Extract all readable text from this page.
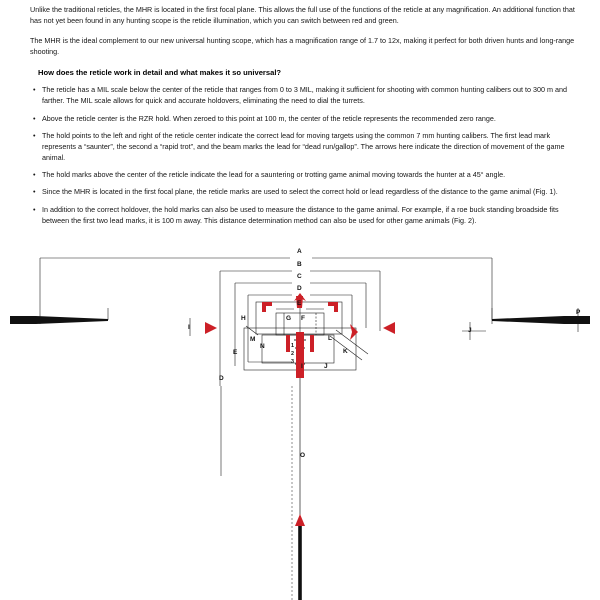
Unlike the traditional reticles, the MHR is located in the first focal plane. This allows the full use of the functions of the reticle at any magnification. An additional function that has not yet been found in any hunting scope is the reticle illumination, which you can switch between red and green.

The MHR is the ideal complement to our new universal hunting scope, which has a magnification range of 1.7 to 12x, making it perfect for both driven hunts and long-range shooting.

How does the reticle work in detail and what makes it so universal?
• The reticle has a MIL scale below the center of the reticle that ranges from 0 to 3 MIL, making it sufficient for shooting with common hunting calibers out to 300 m and farther. The MIL scale allows for quick and accurate holdovers, eliminating the need to dial the turrets.
• Above the reticle center is the RZR hold. When zeroed to this point at 100 m, the center of the reticle represents the recommended zero range.
• The hold points to the left and right of the reticle center indicate the correct lead for moving targets using the common 7 mm hunting calibers. The first lead mark represents a “saunter”, the second a “rapid trot”, and the beam marks the lead for “dead run/gallop”. The arrows here indicate the direction of movement of the game animal.
• The hold marks above the center of the reticle indicate the lead for a sauntering or trotting game animal moving towards the hunter at a 45° angle.
• Since the MHR is located in the first focal plane, the reticle marks are used to select the correct hold or lead regardless of the distance to the game animal (Fig. 1).
• In addition to the correct holdover, the hold marks can also be used to measure the distance to the game animal. For example, if a roe buck standing broadside fits between the first two lead marks, it is 100 m away. This distance determination method can also be used for other game animals (Fig. 2).
A
B
C
D
P
I
H
J
E
G F
L
K
E
N
M
J
I
D
O
1
2
3
